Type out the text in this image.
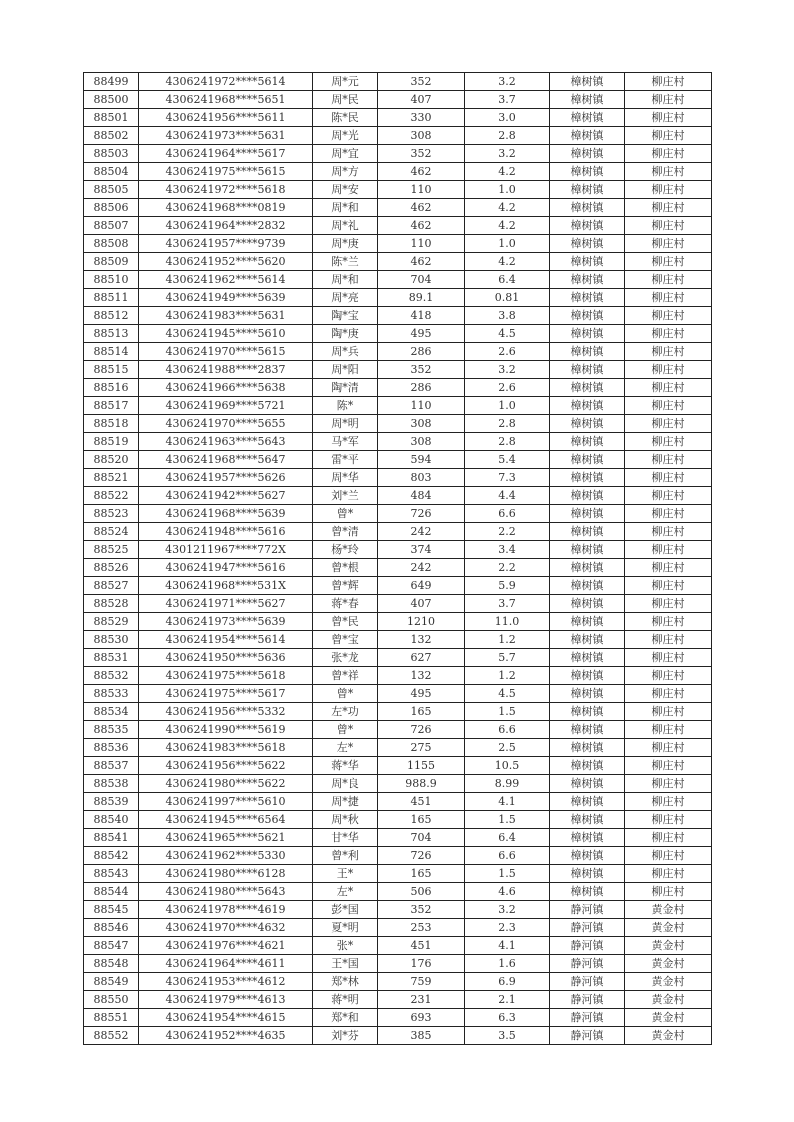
88499	4306241972****5614	周*元	352	3.2	樟树镇	柳庄村
88500	4306241968****5651	周*民	407	3.7	樟树镇	柳庄村
88501	4306241956****5611	陈*民	330	3.0	樟树镇	柳庄村
88502	4306241973****5631	周*光	308	2.8	樟树镇	柳庄村
88503	4306241964****5617	周*宜	352	3.2	樟树镇	柳庄村
88504	4306241975****5615	周*方	462	4.2	樟树镇	柳庄村
88505	4306241972****5618	周*安	110	1.0	樟树镇	柳庄村
88506	4306241968****0819	周*和	462	4.2	樟树镇	柳庄村
88507	4306241964****2832	周*礼	462	4.2	樟树镇	柳庄村
88508	4306241957****9739	周*庚	110	1.0	樟树镇	柳庄村
88509	4306241952****5620	陈*兰	462	4.2	樟树镇	柳庄村
88510	4306241962****5614	周*和	704	6.4	樟树镇	柳庄村
88511	4306241949****5639	周*亮	89.1	0.81	樟树镇	柳庄村
88512	4306241983****5631	陶*宝	418	3.8	樟树镇	柳庄村
88513	4306241945****5610	陶*庚	495	4.5	樟树镇	柳庄村
88514	4306241970****5615	周*兵	286	2.6	樟树镇	柳庄村
88515	4306241988****2837	周*阳	352	3.2	樟树镇	柳庄村
88516	4306241966****5638	陶*清	286	2.6	樟树镇	柳庄村
88517	4306241969****5721	陈*	110	1.0	樟树镇	柳庄村
88518	4306241970****5655	周*明	308	2.8	樟树镇	柳庄村
88519	4306241963****5643	马*军	308	2.8	樟树镇	柳庄村
88520	4306241968****5647	雷*平	594	5.4	樟树镇	柳庄村
88521	4306241957****5626	周*华	803	7.3	樟树镇	柳庄村
88522	4306241942****5627	刘*兰	484	4.4	樟树镇	柳庄村
88523	4306241968****5639	曾*	726	6.6	樟树镇	柳庄村
88524	4306241948****5616	曾*清	242	2.2	樟树镇	柳庄村
88525	4301211967****772X	杨*玲	374	3.4	樟树镇	柳庄村
88526	4306241947****5616	曾*根	242	2.2	樟树镇	柳庄村
88527	4306241968****531X	曾*辉	649	5.9	樟树镇	柳庄村
88528	4306241971****5627	蒋*春	407	3.7	樟树镇	柳庄村
88529	4306241973****5639	曾*民	1210	11.0	樟树镇	柳庄村
88530	4306241954****5614	曾*宝	132	1.2	樟树镇	柳庄村
88531	4306241950****5636	张*龙	627	5.7	樟树镇	柳庄村
88532	4306241975****5618	曾*祥	132	1.2	樟树镇	柳庄村
88533	4306241975****5617	曾*	495	4.5	樟树镇	柳庄村
88534	4306241956****5332	左*功	165	1.5	樟树镇	柳庄村
88535	4306241990****5619	曾*	726	6.6	樟树镇	柳庄村
88536	4306241983****5618	左*	275	2.5	樟树镇	柳庄村
88537	4306241956****5622	蒋*华	1155	10.5	樟树镇	柳庄村
88538	4306241980****5622	周*良	988.9	8.99	樟树镇	柳庄村
88539	4306241997****5610	周*捷	451	4.1	樟树镇	柳庄村
88540	4306241945****6564	周*秋	165	1.5	樟树镇	柳庄村
88541	4306241965****5621	甘*华	704	6.4	樟树镇	柳庄村
88542	4306241962****5330	曾*利	726	6.6	樟树镇	柳庄村
88543	4306241980****6128	王*	165	1.5	樟树镇	柳庄村
88544	4306241980****5643	左*	506	4.6	樟树镇	柳庄村
88545	4306241978****4619	彭*国	352	3.2	静河镇	黄金村
88546	4306241970****4632	夏*明	253	2.3	静河镇	黄金村
88547	4306241976****4621	张*	451	4.1	静河镇	黄金村
88548	4306241964****4611	王*国	176	1.6	静河镇	黄金村
88549	4306241953****4612	郑*林	759	6.9	静河镇	黄金村
88550	4306241979****4613	蒋*明	231	2.1	静河镇	黄金村
88551	4306241954****4615	郑*和	693	6.3	静河镇	黄金村
88552	4306241952****4635	刘*芬	385	3.5	静河镇	黄金村
